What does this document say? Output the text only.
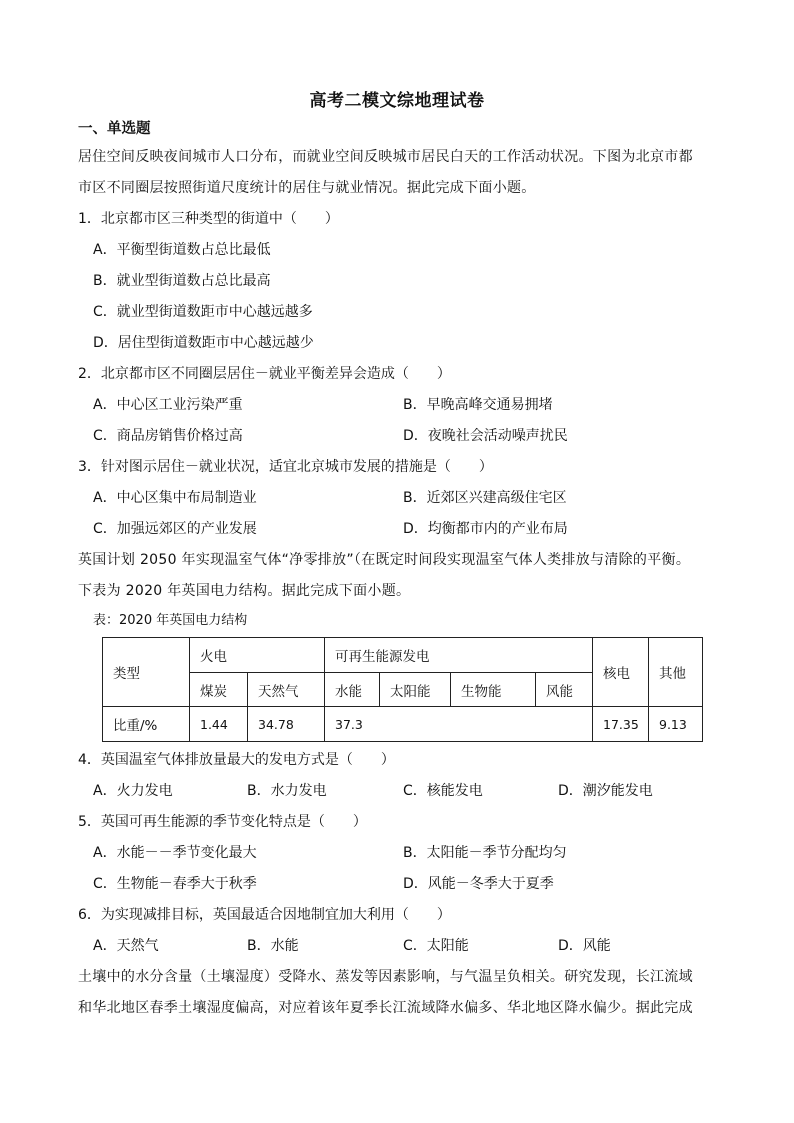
高考二模文综地理试卷
一、单选题
居住空间反映夜间城市人口分布，而就业空间反映城市居民白天的工作活动状况。下图为北京市都
市区不同圈层按照街道尺度统计的居住与就业情况。据此完成下面小题。
1．北京都市区三种类型的街道中（　　）
A．平衡型街道数占总比最低
B．就业型街道数占总比最高
C．就业型街道数距市中心越远越多
D．居住型街道数距市中心越远越少
2．北京都市区不同圈层居住－就业平衡差异会造成（　　）
A．中心区工业污染严重	B．早晚高峰交通易拥堵
C．商品房销售价格过高	D．夜晚社会活动噪声扰民
3．针对图示居住－就业状况，适宜北京城市发展的措施是（　　）
A．中心区集中布局制造业	B．近郊区兴建高级住宅区
C．加强远郊区的产业发展	D．均衡都市内的产业布局
英国计划 2050 年实现温室气体“净零排放”（在既定时间段实现温室气体人类排放与清除的平衡。
下表为 2020 年英国电力结构。据此完成下面小题。
表：2020 年英国电力结构
类型	火电		可再生能源发电				核电	其他
	煤炭	天然气	水能	太阳能	生物能	风能		
比重/%	1.44	34.78	37.3				17.35	9.13
4．英国温室气体排放量最大的发电方式是（　　）
A．火力发电	B．水力发电	C．核能发电	D．潮汐能发电
5．英国可再生能源的季节变化特点是（　　）
A．水能－－季节变化最大	B．太阳能－季节分配均匀
C．生物能－春季大于秋季	D．风能－冬季大于夏季
6．为实现减排目标，英国最适合因地制宜加大利用（　　）
A．天然气	B．水能	C．太阳能	D．风能
土壤中的水分含量（土壤湿度）受降水、蒸发等因素影响，与气温呈负相关。研究发现，长江流域
和华北地区春季土壤湿度偏高，对应着该年夏季长江流域降水偏多、华北地区降水偏少。据此完成
